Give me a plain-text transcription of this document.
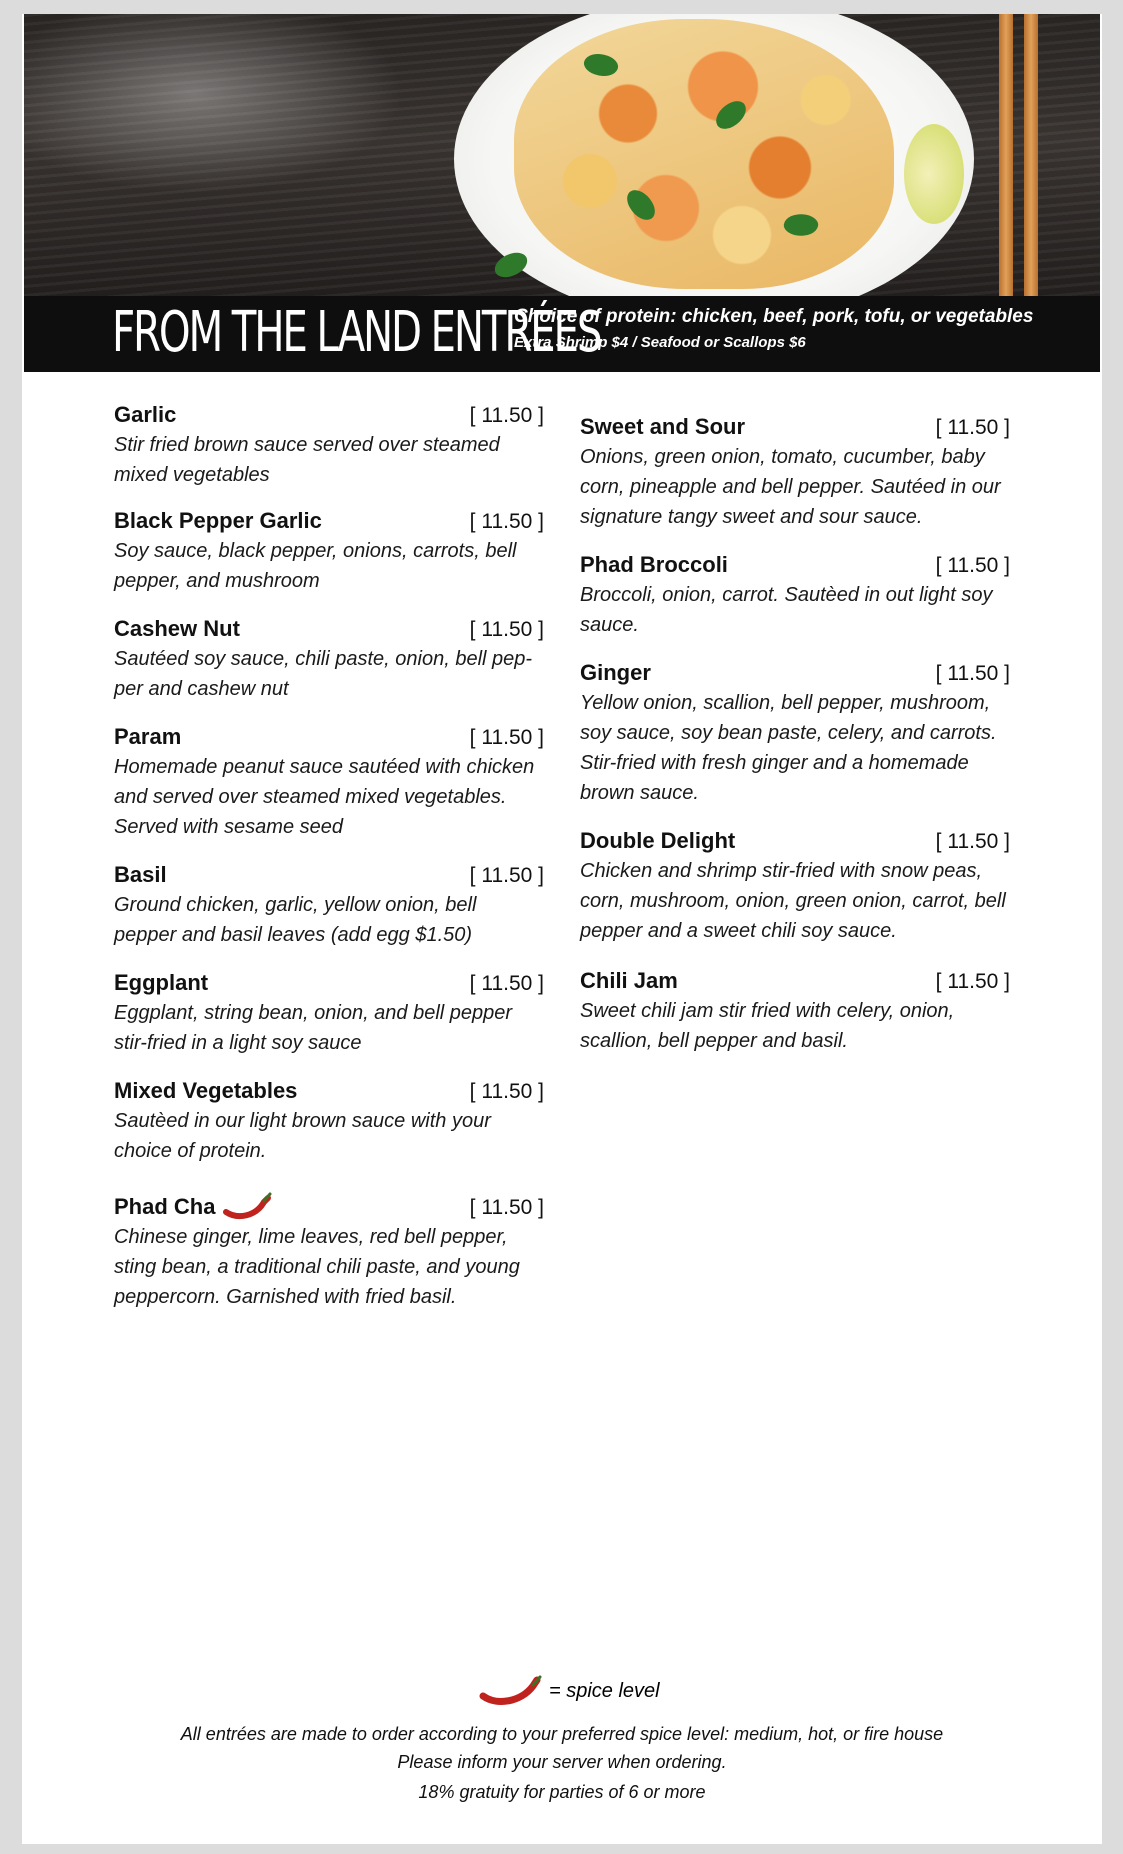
FROM THE LAND ENTRÉES
Choice of protein: chicken, beef, pork, tofu, or vegetables
Extra Shrimp $4 / Seafood or Scallops $6
Garlic	[ 11.50 ]
Stir fried brown sauce served over steamed mixed vegetables
Black Pepper Garlic	[ 11.50 ]
Soy sauce, black pepper, onions, carrots, bell pepper, and mushroom
Cashew Nut	[ 11.50 ]
Sautéed soy sauce, chili paste, onion, bell pep- per and cashew nut
Param	[ 11.50 ]
Homemade peanut sauce sautéed with chicken and served over steamed mixed vegetables. Served with sesame seed
Basil	[ 11.50 ]
Ground chicken, garlic, yellow onion, bell pepper and basil leaves (add egg $1.50)
Eggplant	[ 11.50 ]
Eggplant, string bean, onion, and bell pepper stir-fried in a light soy sauce
Mixed Vegetables	[ 11.50 ]
Sautèed in our light brown sauce with your choice of protein.
Phad Cha	[ 11.50 ]
Chinese ginger, lime leaves, red bell pepper, sting bean, a traditional chili paste, and young peppercorn. Garnished with fried basil.
Sweet and Sour	[ 11.50 ]
Onions, green onion, tomato, cucumber, baby corn, pineapple and bell pepper. Sautéed in our signature tangy sweet and sour sauce.
Phad Broccoli	[ 11.50 ]
Broccoli, onion, carrot. Sautèed in out light soy sauce.
Ginger	[ 11.50 ]
Yellow onion, scallion, bell pepper, mushroom, soy sauce, soy bean paste, celery, and carrots. Stir-fried with fresh ginger and a homemade brown sauce.
Double Delight	[ 11.50 ]
Chicken and shrimp stir-fried with snow peas, corn, mushroom, onion, green onion, carrot, bell pepper and a sweet chili soy sauce.
Chili Jam	[ 11.50 ]
Sweet chili jam stir fried with celery, onion, scallion, bell pepper and basil.
= spice level
All entrées are made to order according to your preferred spice level: medium, hot, or fire house
Please inform your server when ordering.
18% gratuity for parties of 6 or more
